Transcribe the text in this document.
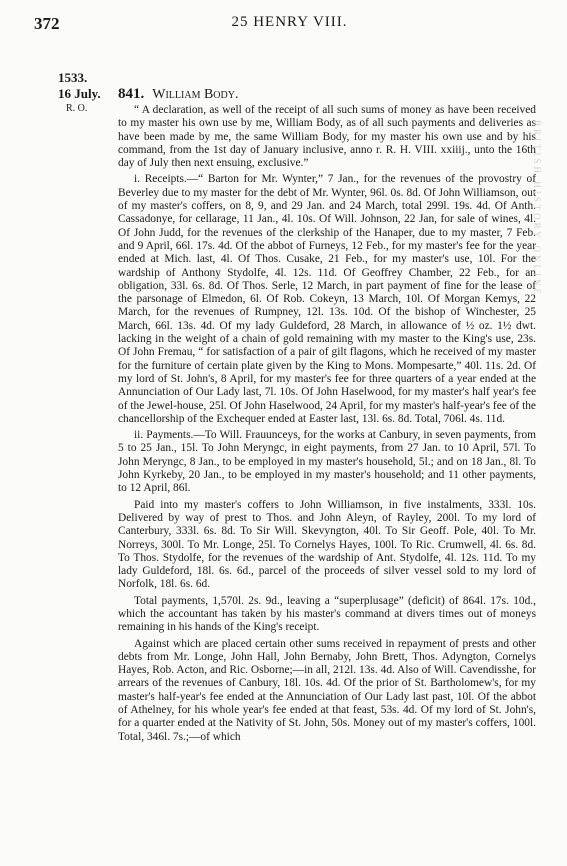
372	25 HENRY VIII.
1533.
16 July.
R. O.
841. William Body.

“ A declaration, as well of the receipt of all such sums of money as have been received to my master his own use by me, William Body, as of all such payments and deliveries as have been made by me, the same William Body, for my master his own use and by his command, from the 1st day of January inclusive, anno r. R. H. VIII. xxiiij., unto the 16th day of July then next ensuing, exclusive.”

i. Receipts.—“ Barton for Mr. Wynter,” 7 Jan., for the revenues of the provostry of Beverley due to my master for the debt of Mr. Wynter, 96l. 0s. 8d. Of John Williamson, out of my master's coffers, on 8, 9, and 29 Jan. and 24 March, total 299l. 19s. 4d. Of Anth. Cassadonye, for cellarage, 11 Jan., 4l. 10s. Of Will. Johnson, 22 Jan, for sale of wines, 4l. Of John Judd, for the revenues of the clerkship of the Hanaper, due to my master, 7 Feb. and 9 April, 66l. 17s. 4d. Of the abbot of Furneys, 12 Feb., for my master's fee for the year ended at Mich. last, 4l. Of Thos. Cusake, 21 Feb., for my master's use, 10l. For the wardship of Anthony Stydolfe, 4l. 12s. 11d. Of Geoffrey Chamber, 22 Feb., for an obligation, 33l. 6s. 8d. Of Thos. Serle, 12 March, in part payment of fine for the lease of the parsonage of Elmedon, 6l. Of Rob. Cokeyn, 13 March, 10l. Of Morgan Kemys, 22 March, for the revenues of Rumpney, 12l. 13s. 10d. Of the bishop of Winchester, 25 March, 66l. 13s. 4d. Of my lady Guldeford, 28 March, in allowance of ½ oz. 1½ dwt. lacking in the weight of a chain of gold remaining with my master to the King's use, 23s. Of John Fremau, “ for satisfaction of a pair of gilt flagons, which he received of my master for the furniture of certain plate given by the King to Mons. Mompesarte,” 40l. 11s. 2d. Of my lord of St. John's, 8 April, for my master's fee for three quarters of a year ended at the Annunciation of Our Lady last, 7l. 10s. Of John Haselwood, for my master's half year's fee of the Jewel-house, 25l. Of John Haselwood, 24 April, for my master's half-year's fee of the chancellorship of the Exchequer ended at Easter last, 13l. 6s. 8d. Total, 706l. 4s. 11d.

ii. Payments.—To Will. Frauunceys, for the works at Canbury, in seven payments, from 5 to 25 Jan., 15l. To John Meryngc, in eight payments, from 27 Jan. to 10 April, 57l. To John Meryngc, 8 Jan., to be employed in my master's household, 5l.; and on 18 Jan., 8l. To John Kyrkeby, 20 Jan., to be employed in my master's household; and 11 other payments, to 12 April, 86l.

Paid into my master's coffers to John Williamson, in five instalments, 333l. 10s. Delivered by way of prest to Thos. and John Aleyn, of Rayley, 200l. To my lord of Canterbury, 333l. 6s. 8d. To Sir Will. Skevyngton, 40l. To Sir Geoff. Pole, 40l. To Mr. Norreys, 300l. To Mr. Longe, 25l. To Cornelys Hayes, 100l. To Ric. Crumwell, 4l. 6s. 8d. To Thos. Stydolfe, for the revenues of the wardship of Ant. Stydolfe, 4l. 12s. 11d. To my lady Guldeford, 18l. 6s. 6d., parcel of the proceeds of silver vessel sold to my lord of Norfolk, 18l. 6s. 6d.

Total payments, 1,570l. 2s. 9d., leaving a “superplusage” (deficit) of 864l. 17s. 10d., which the accountant has taken by his master's command at divers times out of moneys remaining in his hands of the King's receipt.

Against which are placed certain other sums received in repayment of prests and other debts from Mr. Longe, John Hall, John Bernaby, John Brett, Thos. Adyngton, Cornelys Hayes, Rob. Acton, and Ric. Osborne;—in all, 212l. 13s. 4d. Also of Will. Cavendisshe, for arrears of the revenues of Canbury, 18l. 10s. 4d. Of the prior of St. Bartholomew's, for my master's half-year's fee ended at the Annunciation of Our Lady last past, 10l. Of the abbot of Athelney, for his whole year's fee ended at that feast, 53s. 4d. Of my lord of St. John's, for a quarter ended at the Nativity of St. John, 50s. Money out of my master's coffers, 100l. Total, 346l. 7s.;—of which

BRITISH HISTORY ONLINE
